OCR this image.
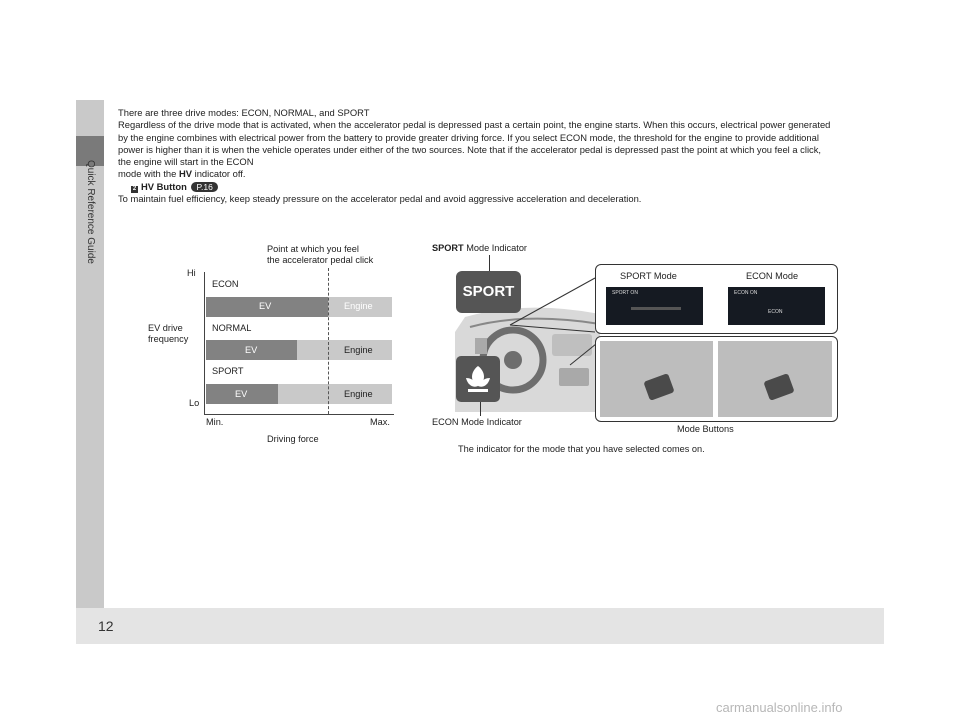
Quick Reference Guide
12
carmanualsonline.info

There are three drive modes: ECON, NORMAL, and SPORT

Regardless of the drive mode that is activated, when the accelerator pedal is depressed past a certain point, the engine starts. When this occurs, electrical power generated by the engine combines with electrical power from the battery to provide greater driving force. If you select ECON mode, the threshold for the engine to provide additional power is higher than it is when the vehicle operates under either of the two sources. Note that if the accelerator pedal is depressed past the point at which you feel a click, the engine will start in the ECON
mode with the HV indicator off.

2 HV Button P.16

To maintain fuel efficiency, keep steady pressure on the accelerator pedal and avoid aggressive acceleration and deceleration.

Point at which you feel
the accelerator pedal click
Hi
Lo
EV drive
frequency
Min.	Max.
Driving force
ECON
EV	Engine
NORMAL
EV	Engine
SPORT
EV	Engine
SPORT Mode Indicator
ECON Mode Indicator
Mode Buttons
The indicator for the mode that you have selected comes on.
SPORT
SPORT Mode	ECON Mode
SPORT ON	ECON ON
ECON
